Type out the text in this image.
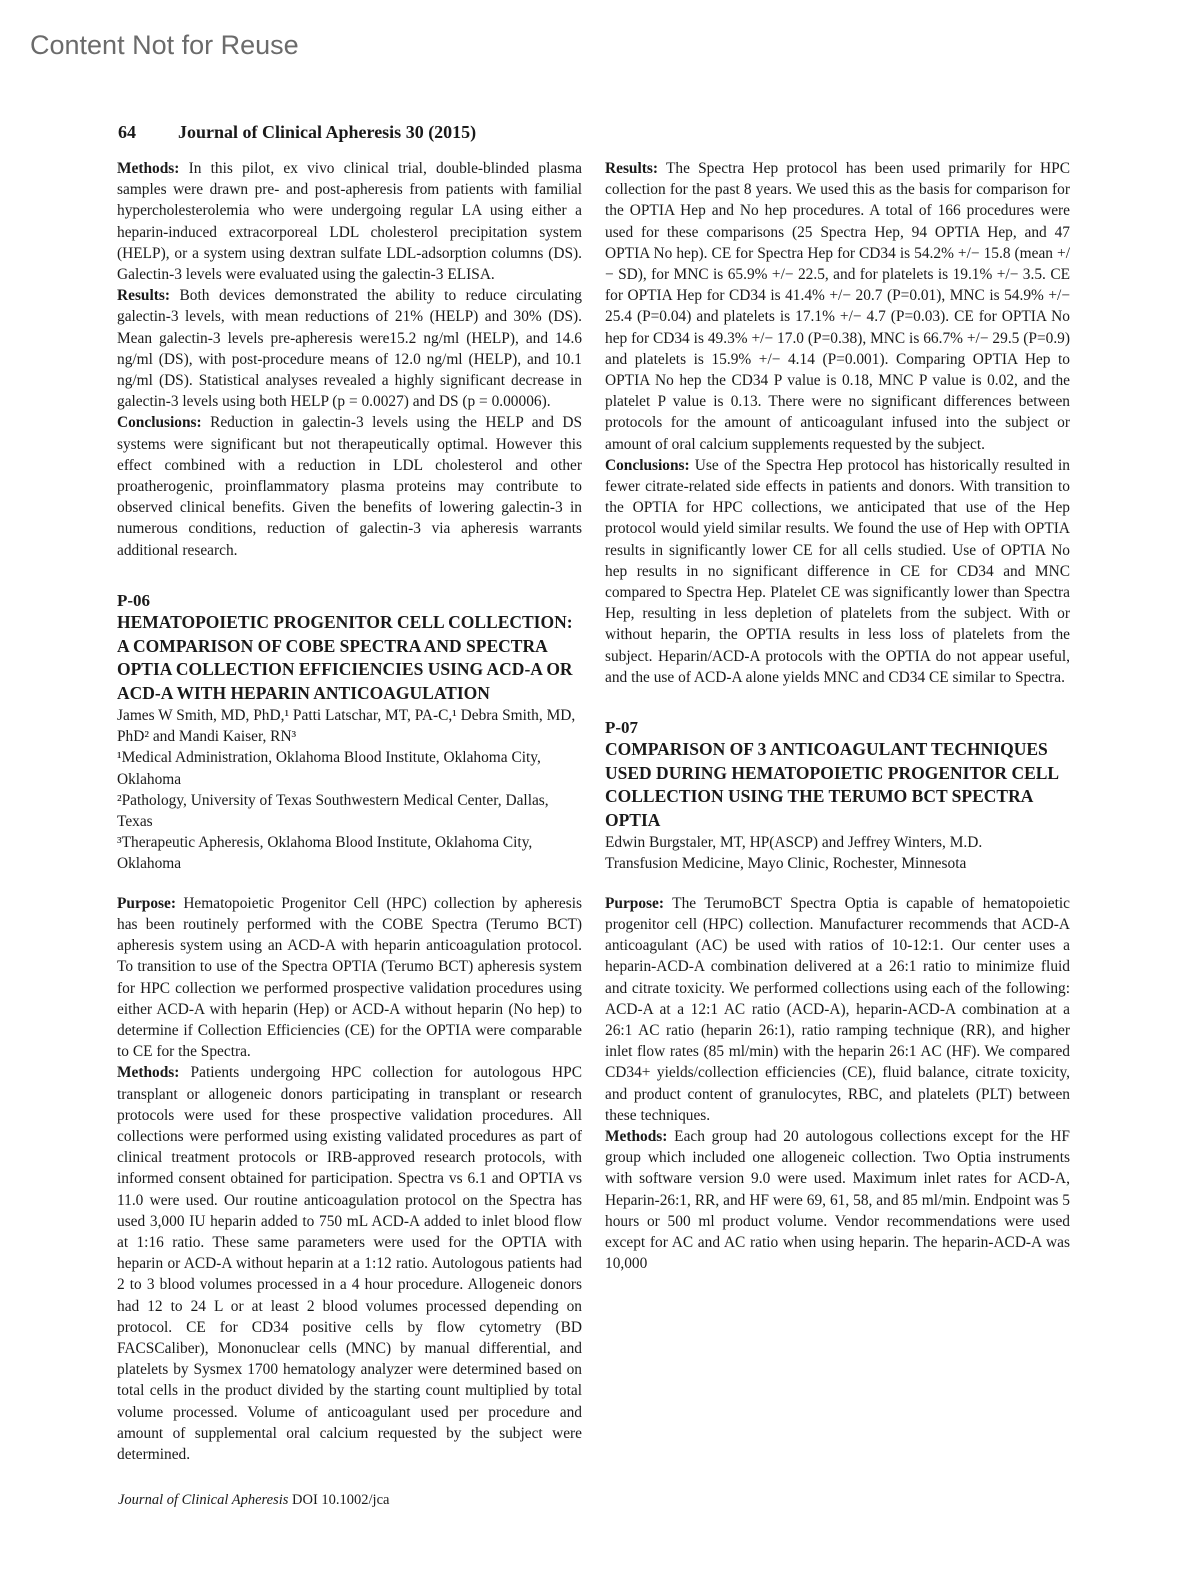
Content Not for Reuse
64 Journal of Clinical Apheresis 30 (2015)

Methods: In this pilot, ex vivo clinical trial, double-blinded plasma samples were drawn pre- and post-apheresis from patients with familial hypercholesterolemia who were undergoing regular LA using either a heparin-induced extracorporeal LDL cholesterol precipitation system (HELP), or a system using dextran sulfate LDL-adsorption columns (DS). Galectin-3 levels were evaluated using the galectin-3 ELISA.

Results: Both devices demonstrated the ability to reduce circulating galectin-3 levels, with mean reductions of 21% (HELP) and 30% (DS). Mean galectin-3 levels pre-apheresis were15.2 ng/ml (HELP), and 14.6 ng/ml (DS), with post-procedure means of 12.0 ng/ml (HELP), and 10.1 ng/ml (DS). Statistical analyses revealed a highly significant decrease in galectin-3 levels using both HELP (p = 0.0027) and DS (p = 0.00006).

Conclusions: Reduction in galectin-3 levels using the HELP and DS systems were significant but not therapeutically optimal. However this effect combined with a reduction in LDL cholesterol and other proatherogenic, proinflammatory plasma proteins may contribute to observed clinical benefits. Given the benefits of lowering galectin-3 in numerous conditions, reduction of galectin-3 via apheresis warrants additional research.

P-06

HEMATOPOIETIC PROGENITOR CELL COLLECTION: A COMPARISON OF COBE SPECTRA AND SPECTRA OPTIA COLLECTION EFFICIENCIES USING ACD-A OR ACD-A WITH HEPARIN ANTICOAGULATION

James W Smith, MD, PhD,¹ Patti Latschar, MT, PA-C,¹ Debra Smith, MD, PhD² and Mandi Kaiser, RN³

¹Medical Administration, Oklahoma Blood Institute, Oklahoma City, Oklahoma

²Pathology, University of Texas Southwestern Medical Center, Dallas, Texas

³Therapeutic Apheresis, Oklahoma Blood Institute, Oklahoma City, Oklahoma

Purpose: Hematopoietic Progenitor Cell (HPC) collection by apheresis has been routinely performed with the COBE Spectra (Terumo BCT) apheresis system using an ACD-A with heparin anticoagulation protocol. To transition to use of the Spectra OPTIA (Terumo BCT) apheresis system for HPC collection we performed prospective validation procedures using either ACD-A with heparin (Hep) or ACD-A without heparin (No hep) to determine if Collection Efficiencies (CE) for the OPTIA were comparable to CE for the Spectra.

Methods: Patients undergoing HPC collection for autologous HPC transplant or allogeneic donors participating in transplant or research protocols were used for these prospective validation procedures. All collections were performed using existing validated procedures as part of clinical treatment protocols or IRB-approved research protocols, with informed consent obtained for participation. Spectra vs 6.1 and OPTIA vs 11.0 were used. Our routine anticoagulation protocol on the Spectra has used 3,000 IU heparin added to 750 mL ACD-A added to inlet blood flow at 1:16 ratio. These same parameters were used for the OPTIA with heparin or ACD-A without heparin at a 1:12 ratio. Autologous patients had 2 to 3 blood volumes processed in a 4 hour procedure. Allogeneic donors had 12 to 24 L or at least 2 blood volumes processed depending on protocol. CE for CD34 positive cells by flow cytometry (BD FACSCaliber), Mononuclear cells (MNC) by manual differential, and platelets by Sysmex 1700 hematology analyzer were determined based on total cells in the product divided by the starting count multiplied by total volume processed. Volume of anticoagulant used per procedure and amount of supplemental oral calcium requested by the subject were determined.

Results: The Spectra Hep protocol has been used primarily for HPC collection for the past 8 years. We used this as the basis for comparison for the OPTIA Hep and No hep procedures. A total of 166 procedures were used for these comparisons (25 Spectra Hep, 94 OPTIA Hep, and 47 OPTIA No hep). CE for Spectra Hep for CD34 is 54.2% +/− 15.8 (mean +/− SD), for MNC is 65.9% +/− 22.5, and for platelets is 19.1% +/− 3.5. CE for OPTIA Hep for CD34 is 41.4% +/− 20.7 (P=0.01), MNC is 54.9% +/− 25.4 (P=0.04) and platelets is 17.1% +/− 4.7 (P=0.03). CE for OPTIA No hep for CD34 is 49.3% +/− 17.0 (P=0.38), MNC is 66.7% +/− 29.5 (P=0.9) and platelets is 15.9% +/− 4.14 (P=0.001). Comparing OPTIA Hep to OPTIA No hep the CD34 P value is 0.18, MNC P value is 0.02, and the platelet P value is 0.13. There were no significant differences between protocols for the amount of anticoagulant infused into the subject or amount of oral calcium supplements requested by the subject.

Conclusions: Use of the Spectra Hep protocol has historically resulted in fewer citrate-related side effects in patients and donors. With transition to the OPTIA for HPC collections, we anticipated that use of the Hep protocol would yield similar results. We found the use of Hep with OPTIA results in significantly lower CE for all cells studied. Use of OPTIA No hep results in no significant difference in CE for CD34 and MNC compared to Spectra Hep. Platelet CE was significantly lower than Spectra Hep, resulting in less depletion of platelets from the subject. With or without heparin, the OPTIA results in less loss of platelets from the subject. Heparin/ACD-A protocols with the OPTIA do not appear useful, and the use of ACD-A alone yields MNC and CD34 CE similar to Spectra.

P-07

COMPARISON OF 3 ANTICOAGULANT TECHNIQUES USED DURING HEMATOPOIETIC PROGENITOR CELL COLLECTION USING THE TERUMO BCT SPECTRA OPTIA

Edwin Burgstaler, MT, HP(ASCP) and Jeffrey Winters, M.D.

Transfusion Medicine, Mayo Clinic, Rochester, Minnesota

Purpose: The TerumoBCT Spectra Optia is capable of hematopoietic progenitor cell (HPC) collection. Manufacturer recommends that ACD-A anticoagulant (AC) be used with ratios of 10-12:1. Our center uses a heparin-ACD-A combination delivered at a 26:1 ratio to minimize fluid and citrate toxicity. We performed collections using each of the following: ACD-A at a 12:1 AC ratio (ACD-A), heparin-ACD-A combination at a 26:1 AC ratio (heparin 26:1), ratio ramping technique (RR), and higher inlet flow rates (85 ml/min) with the heparin 26:1 AC (HF). We compared CD34+ yields/collection efficiencies (CE), fluid balance, citrate toxicity, and product content of granulocytes, RBC, and platelets (PLT) between these techniques.

Methods: Each group had 20 autologous collections except for the HF group which included one allogeneic collection. Two Optia instruments with software version 9.0 were used. Maximum inlet rates for ACD-A, Heparin-26:1, RR, and HF were 69, 61, 58, and 85 ml/min. Endpoint was 5 hours or 500 ml product volume. Vendor recommendations were used except for AC and AC ratio when using heparin. The heparin-ACD-A was 10,000

Journal of Clinical Apheresis DOI 10.1002/jca
